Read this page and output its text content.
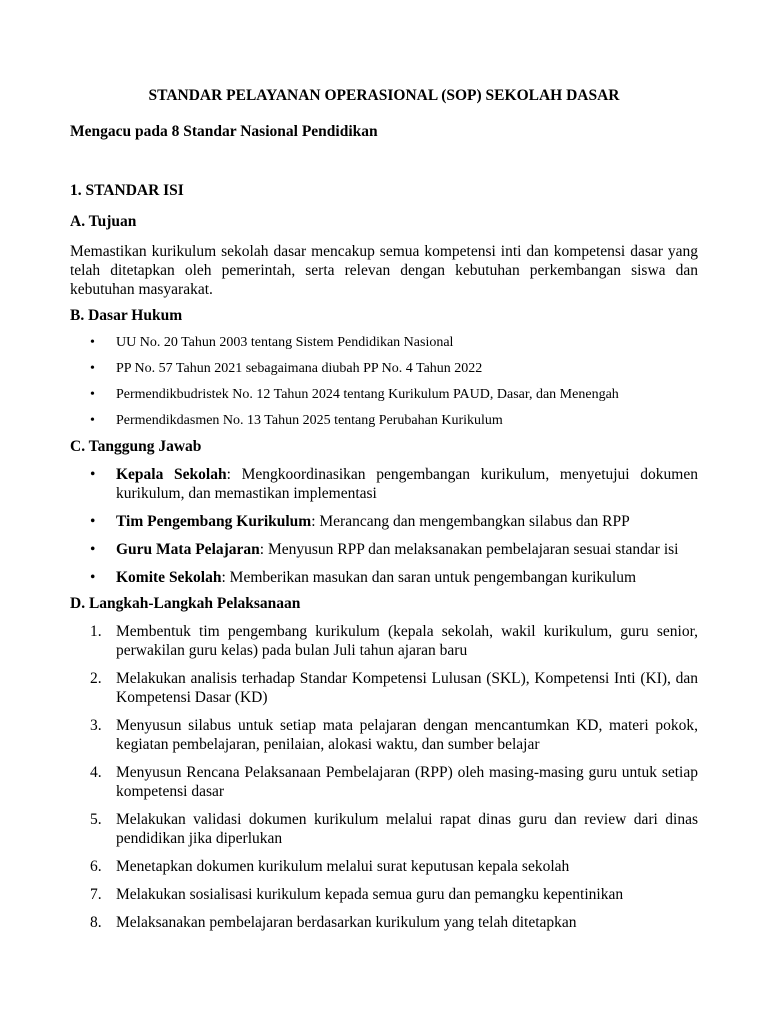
STANDAR PELAYANAN OPERASIONAL (SOP) SEKOLAH DASAR

Mengacu pada 8 Standar Nasional Pendidikan

1. STANDAR ISI

A. Tujuan

Memastikan kurikulum sekolah dasar mencakup semua kompetensi inti dan kompetensi dasar yang telah ditetapkan oleh pemerintah, serta relevan dengan kebutuhan perkembangan siswa dan kebutuhan masyarakat.

B. Dasar Hukum

• UU No. 20 Tahun 2003 tentang Sistem Pendidikan Nasional
• PP No. 57 Tahun 2021 sebagaimana diubah PP No. 4 Tahun 2022
• Permendikbudristek No. 12 Tahun 2024 tentang Kurikulum PAUD, Dasar, dan Menengah
• Permendikdasmen No. 13 Tahun 2025 tentang Perubahan Kurikulum

C. Tanggung Jawab

• Kepala Sekolah: Mengkoordinasikan pengembangan kurikulum, menyetujui dokumen kurikulum, dan memastikan implementasi
• Tim Pengembang Kurikulum: Merancang dan mengembangkan silabus dan RPP
• Guru Mata Pelajaran: Menyusun RPP dan melaksanakan pembelajaran sesuai standar isi
• Komite Sekolah: Memberikan masukan dan saran untuk pengembangan kurikulum

D. Langkah-Langkah Pelaksanaan

1. Membentuk tim pengembang kurikulum (kepala sekolah, wakil kurikulum, guru senior, perwakilan guru kelas) pada bulan Juli tahun ajaran baru
2. Melakukan analisis terhadap Standar Kompetensi Lulusan (SKL), Kompetensi Inti (KI), dan Kompetensi Dasar (KD)
3. Menyusun silabus untuk setiap mata pelajaran dengan mencantumkan KD, materi pokok, kegiatan pembelajaran, penilaian, alokasi waktu, dan sumber belajar
4. Menyusun Rencana Pelaksanaan Pembelajaran (RPP) oleh masing-masing guru untuk setiap kompetensi dasar
5. Melakukan validasi dokumen kurikulum melalui rapat dinas guru dan review dari dinas pendidikan jika diperlukan
6. Menetapkan dokumen kurikulum melalui surat keputusan kepala sekolah
7. Melakukan sosialisasi kurikulum kepada semua guru dan pemangku kepentinikan
8. Melaksanakan pembelajaran berdasarkan kurikulum yang telah ditetapkan
